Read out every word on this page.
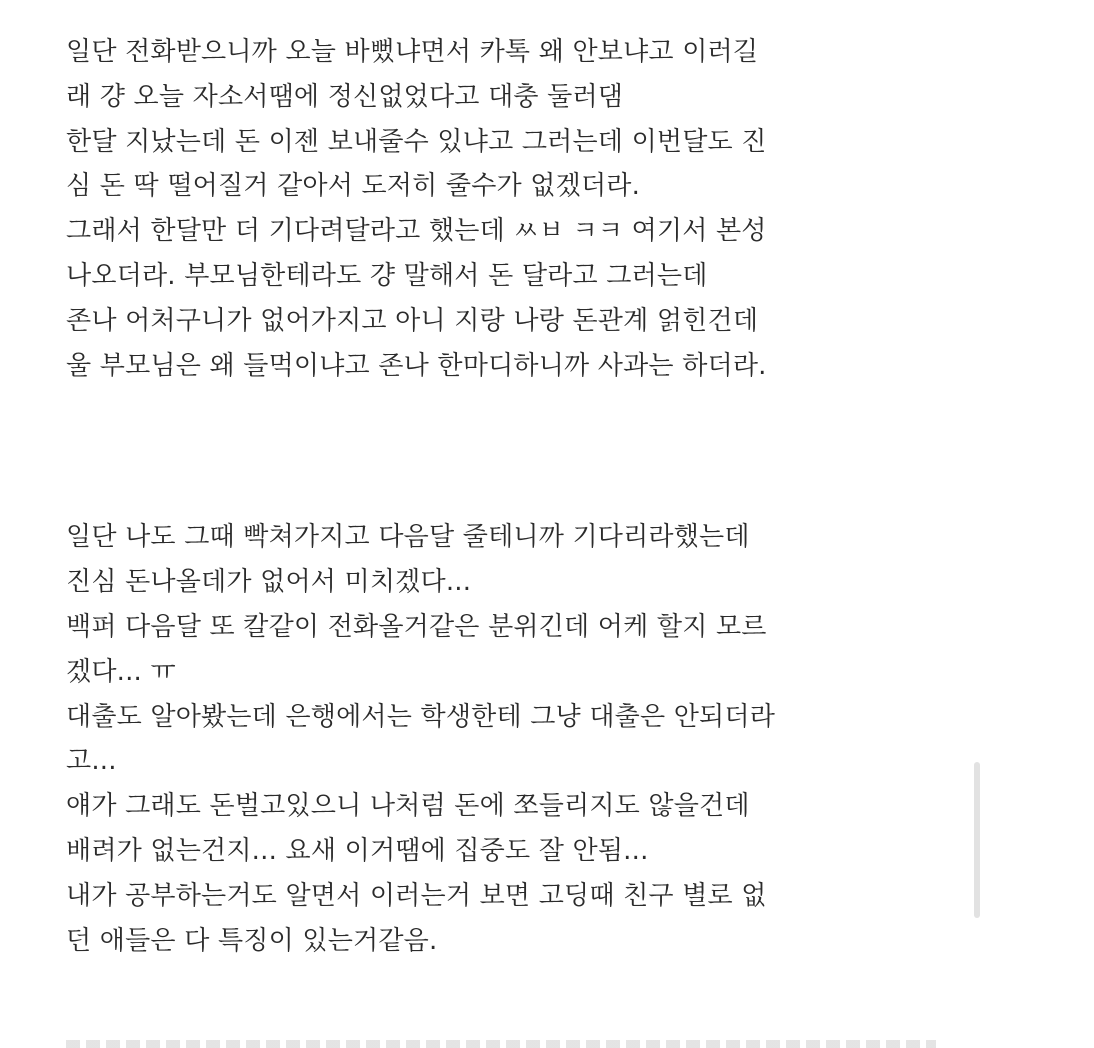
일단 전화받으니까 오늘 바뻤냐면서 카톡 왜 안보냐고 이러길
래 걍 오늘 자소서땜에 정신없었다고 대충 둘러댐
한달 지났는데 돈 이젠 보내줄수 있냐고 그러는데 이번달도 진
심 돈 딱 떨어질거 같아서 도저히 줄수가 없겠더라.
그래서 한달만 더 기다려달라고 했는데 ㅆㅂ ㅋㅋ 여기서 본성
나오더라. 부모님한테라도 걍 말해서 돈 달라고 그러는데
존나 어처구니가 없어가지고 아니 지랑 나랑 돈관계 얽힌건데
울 부모님은 왜 들먹이냐고 존나 한마디하니까 사과는 하더라.
일단 나도 그때 빡쳐가지고 다음달 줄테니까 기다리라했는데
진심 돈나올데가 없어서 미치겠다...
백퍼 다음달 또 칼같이 전화올거같은 분위긴데 어케 할지 모르
겠다... ㅠ
대출도 알아봤는데 은행에서는 학생한테 그냥 대출은 안되더라
고...
얘가 그래도 돈벌고있으니 나처럼 돈에 쪼들리지도 않을건데
배려가 없는건지... 요새 이거땜에 집중도 잘 안됨...
내가 공부하는거도 알면서 이러는거 보면 고딩때 친구 별로 없
던 애들은 다 특징이 있는거같음.
